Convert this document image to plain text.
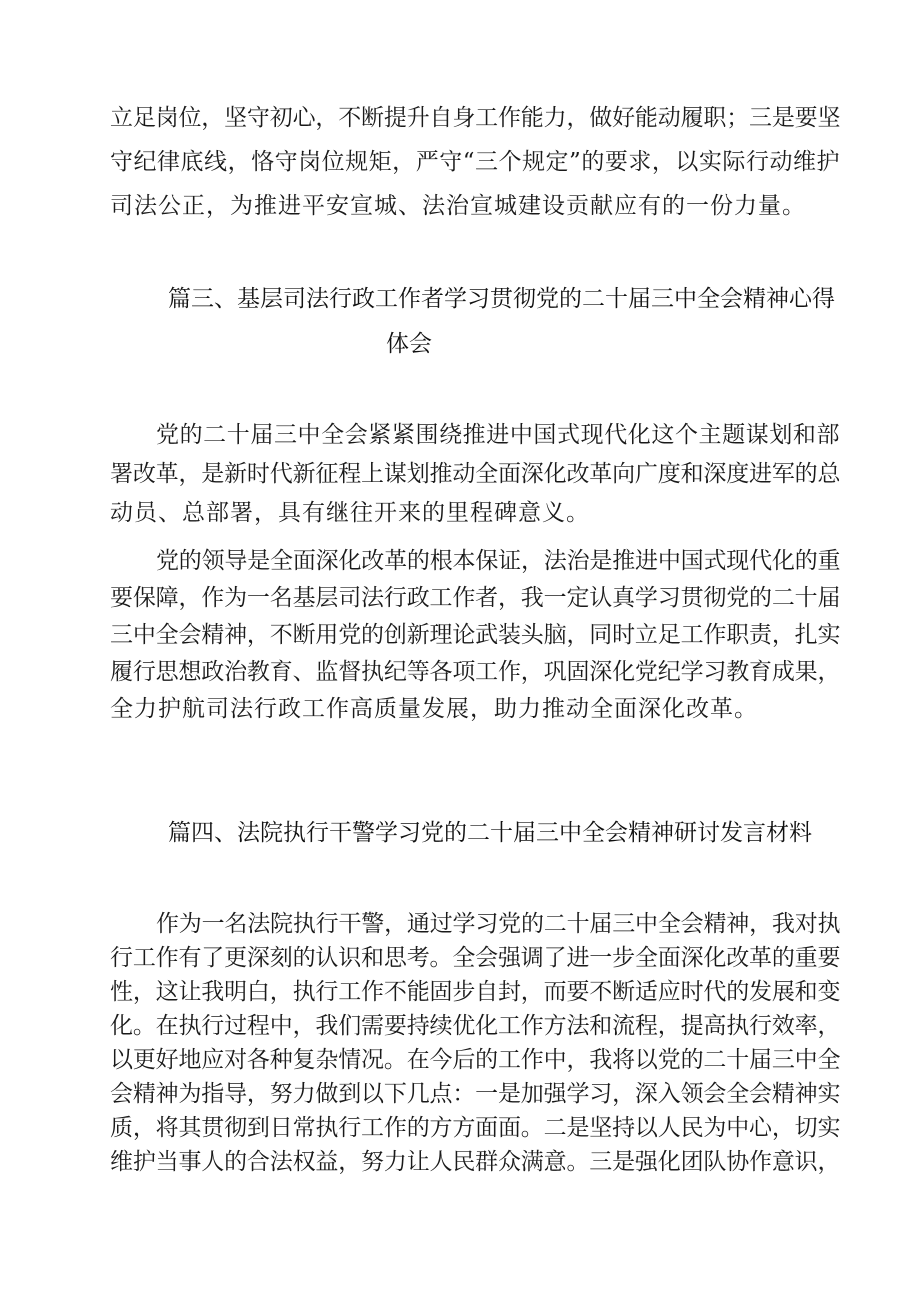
立足岗位，坚守初心，不断提升自身工作能力，做好能动履职；三是要坚
守纪律底线，恪守岗位规矩，严守“三个规定”的要求，以实际行动维护
司法公正，为推进平安宣城、法治宣城建设贡献应有的一份力量。
篇三、基层司法行政工作者学习贯彻党的二十届三中全会精神心得
体会
党的二十届三中全会紧紧围绕推进中国式现代化这个主题谋划和部
署改革，是新时代新征程上谋划推动全面深化改革向广度和深度进军的总
动员、总部署，具有继往开来的里程碑意义。
党的领导是全面深化改革的根本保证，法治是推进中国式现代化的重
要保障，作为一名基层司法行政工作者，我一定认真学习贯彻党的二十届
三中全会精神，不断用党的创新理论武装头脑，同时立足工作职责，扎实
履行思想政治教育、监督执纪等各项工作，巩固深化党纪学习教育成果，
全力护航司法行政工作高质量发展，助力推动全面深化改革。
篇四、法院执行干警学习党的二十届三中全会精神研讨发言材料
作为一名法院执行干警，通过学习党的二十届三中全会精神，我对执
行工作有了更深刻的认识和思考。全会强调了进一步全面深化改革的重要
性，这让我明白，执行工作不能固步自封，而要不断适应时代的发展和变
化。在执行过程中，我们需要持续优化工作方法和流程，提高执行效率，
以更好地应对各种复杂情况。在今后的工作中，我将以党的二十届三中全
会精神为指导，努力做到以下几点：一是加强学习，深入领会全会精神实
质，将其贯彻到日常执行工作的方方面面。二是坚持以人民为中心，切实
维护当事人的合法权益，努力让人民群众满意。三是强化团队协作意识，
